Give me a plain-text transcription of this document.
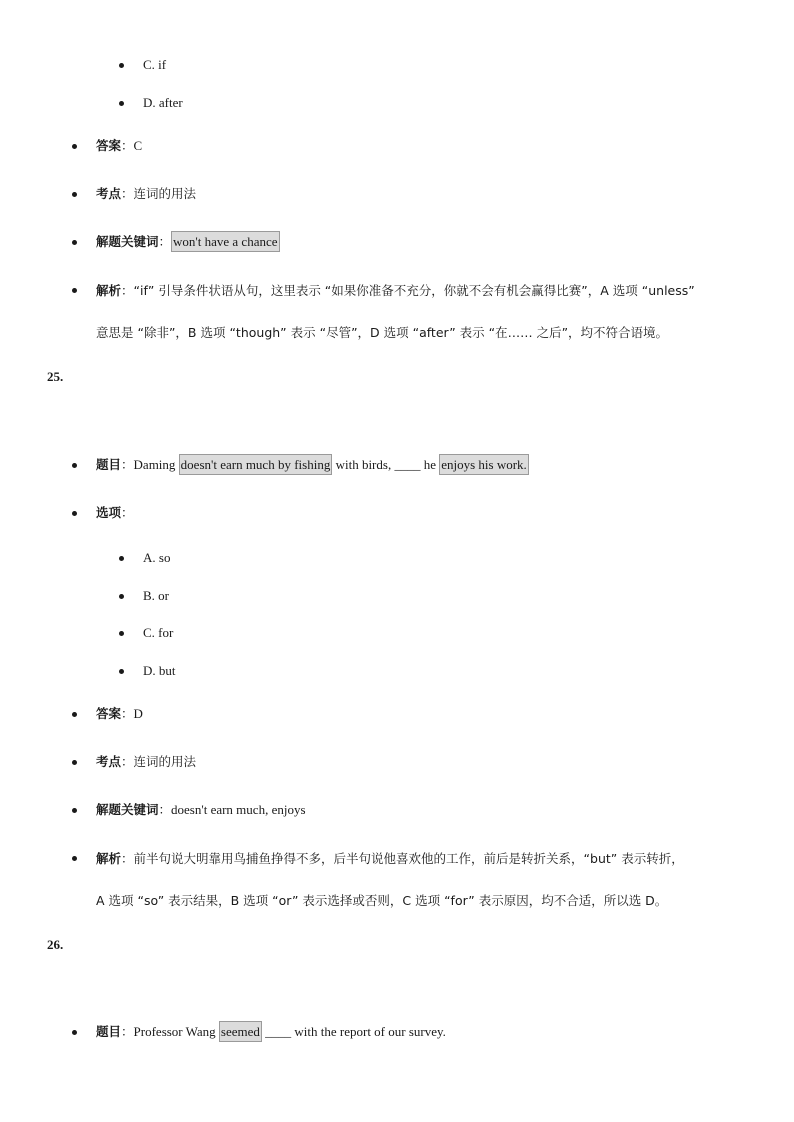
C. if
D. after
答案：C
考点：连词的用法
解题关键词： won't have a chance
解析：“if” 引导条件状语从句，这里表示 “如果你准备不充分，你就不会有机会赢得比赛”，A 选项 “unless”
意思是 “除非”，B 选项 “though” 表示 “尽管”，D 选项 “after” 表示 “在…… 之后”，均不符合语境。
25.
题目：Daming doesn't earn much by fishing with birds, ____ he enjoys his work.
选项：
A. so
B. or
C. for
D. but
答案：D
考点：连词的用法
解题关键词：doesn't earn much, enjoys
解析：前半句说大明靠用鸟捕鱼挣得不多，后半句说他喜欢他的工作，前后是转折关系，“but” 表示转折，
A 选项 “so” 表示结果，B 选项 “or” 表示选择或否则，C 选项 “for” 表示原因，均不合适，所以选 D。
26.
题目：Professor Wang seemed ____ with the report of our survey.
